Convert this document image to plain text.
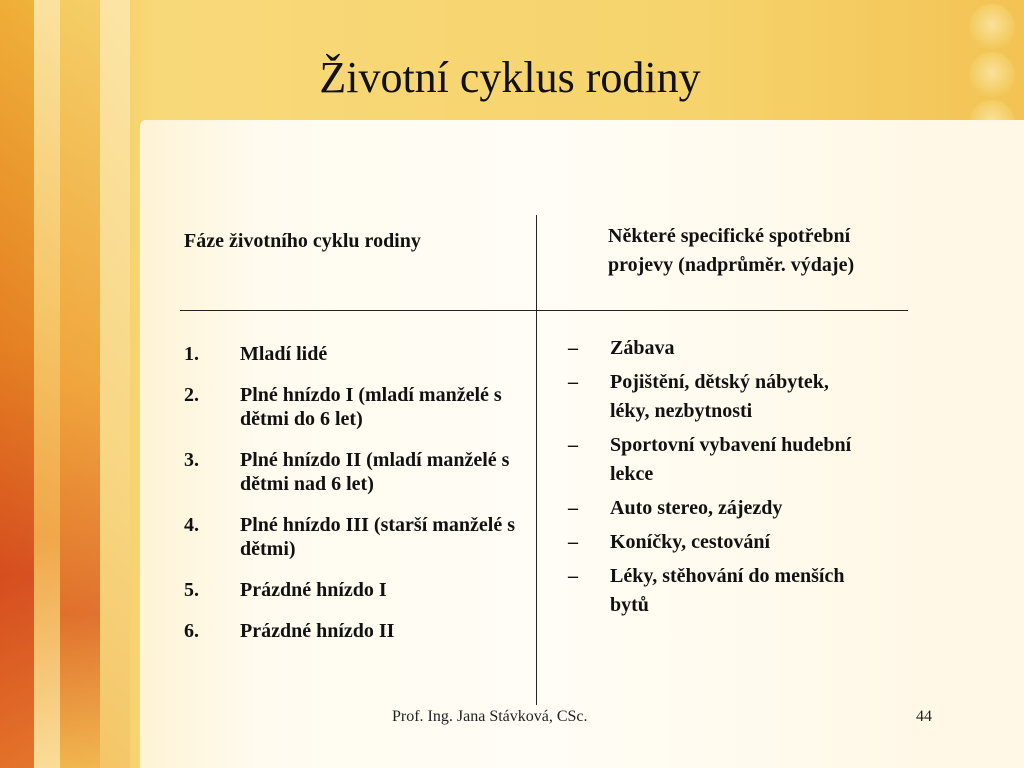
Životní cyklus rodiny
Fáze životního cyklu rodiny	Některé specifické spotřební projevy (nadprůměr. výdaje)
1.	Mladí lidé
2.	Plné hnízdo I (mladí manželé s dětmi do 6 let)
3.	Plné hnízdo II (mladí manželé s dětmi nad 6 let)
4.	Plné hnízdo III (starší manželé s dětmi)
5.	Prázdné hnízdo I
6.	Prázdné hnízdo II
–	Zábava
–	Pojištění, dětský nábytek, léky, nezbytnosti
–	Sportovní vybavení hudební lekce
–	Auto stereo, zájezdy
–	Koníčky, cestování
–	Léky, stěhování do menších bytů
Prof. Ing. Jana Stávková, CSc.	44
